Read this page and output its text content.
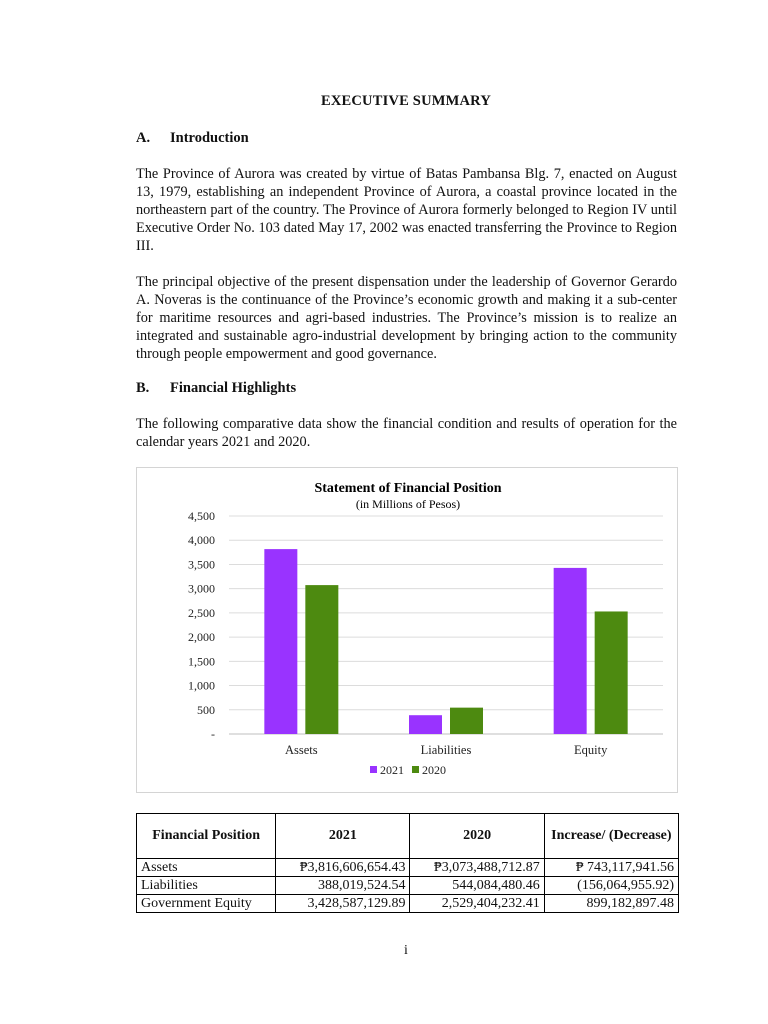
EXECUTIVE SUMMARY
A. Introduction

The Province of Aurora was created by virtue of Batas Pambansa Blg. 7, enacted on August 13, 1979, establishing an independent Province of Aurora, a coastal province located in the northeastern part of the country. The Province of Aurora formerly belonged to Region IV until Executive Order No. 103 dated May 17, 2002 was enacted transferring the Province to Region III.

The principal objective of the present dispensation under the leadership of Governor Gerardo A. Noveras is the continuance of the Province’s economic growth and making it a sub-center for maritime resources and agri-based industries. The Province’s mission is to realize an integrated and sustainable agro-industrial development by bringing action to the community through people empowerment and good governance.

B. Financial Highlights

The following comparative data show the financial condition and results of operation for the calendar years 2021 and 2020.

Statement of Financial Position
(in Millions of Pesos)
-
500
1,000
1,500
2,000
2,500
3,000
3,500
4,000
4,500
Assets	Liabilities	Equity
2021 2020
Financial Position	2021	2020	Increase/ (Decrease)
Assets	₱3,816,606,654.43	₱3,073,488,712.87	₱ 743,117,941.56
Liabilities	388,019,524.54	544,084,480.46	(156,064,955.92)
Government Equity	3,428,587,129.89	2,529,404,232.41	899,182,897.48
i
